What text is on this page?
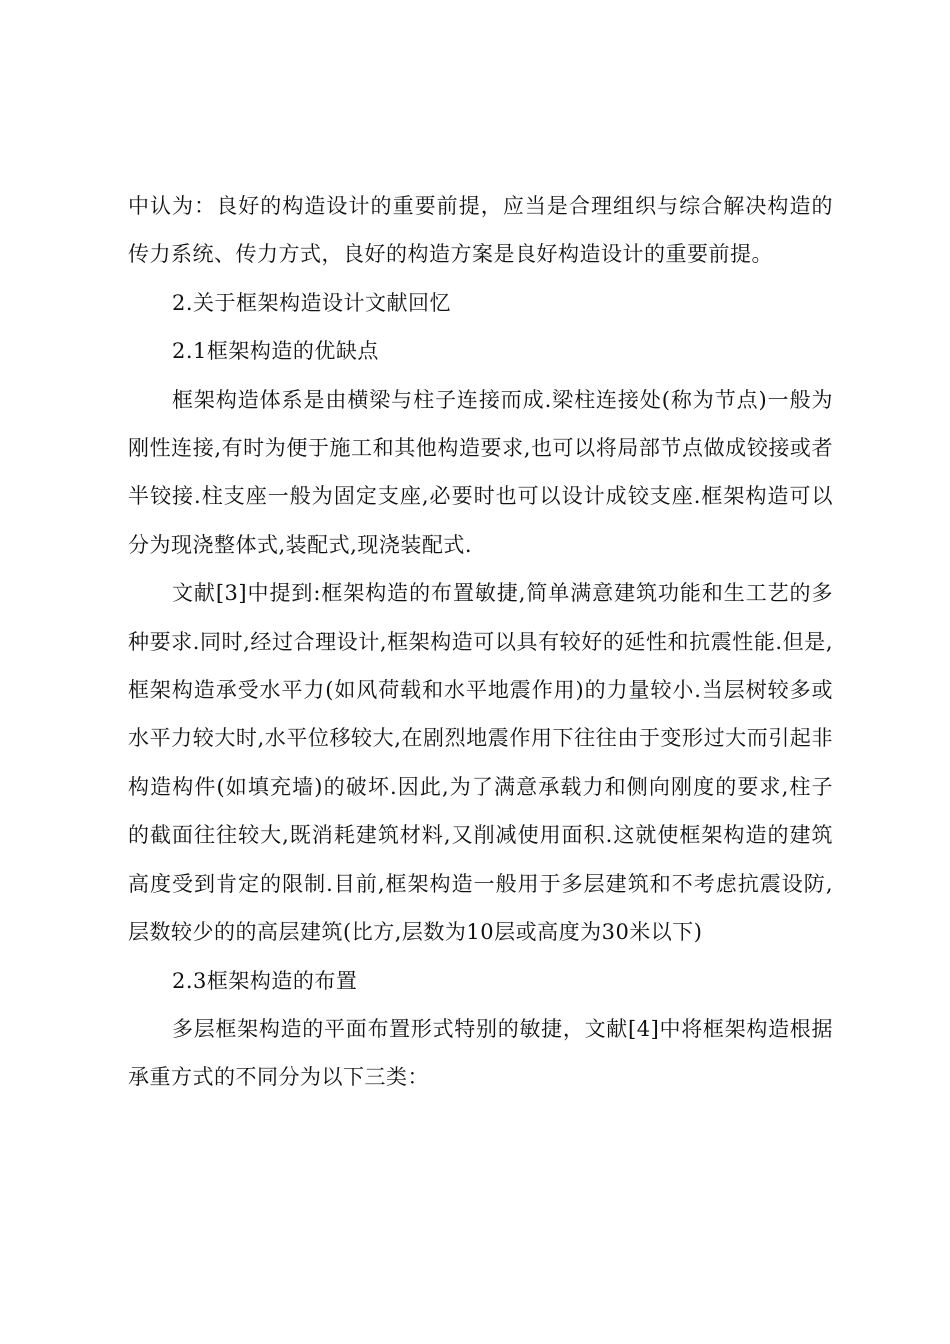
中认为：良好的构造设计的重要前提，应当是合理组织与综合解决构造的传力系统、传力方式，良好的构造方案是良好构造设计的重要前提。

2.关于框架构造设计文献回忆

2.1框架构造的优缺点

框架构造体系是由横梁与柱子连接而成.梁柱连接处(称为节点)一般为刚性连接,有时为便于施工和其他构造要求,也可以将局部节点做成铰接或者半铰接.柱支座一般为固定支座,必要时也可以设计成铰支座.框架构造可以分为现浇整体式,装配式,现浇装配式.

文献[3]中提到:框架构造的布置敏捷,简单满意建筑功能和生工艺的多种要求.同时,经过合理设计,框架构造可以具有较好的延性和抗震性能.但是,框架构造承受水平力(如风荷载和水平地震作用)的力量较小.当层树较多或水平力较大时,水平位移较大,在剧烈地震作用下往往由于变形过大而引起非构造构件(如填充墙)的破坏.因此,为了满意承载力和侧向刚度的要求,柱子的截面往往较大,既消耗建筑材料,又削减使用面积.这就使框架构造的建筑高度受到肯定的限制.目前,框架构造一般用于多层建筑和不考虑抗震设防,层数较少的的高层建筑(比方,层数为10层或高度为30米以下)

2.3框架构造的布置

多层框架构造的平面布置形式特别的敏捷，文献[4]中将框架构造根据承重方式的不同分为以下三类：
